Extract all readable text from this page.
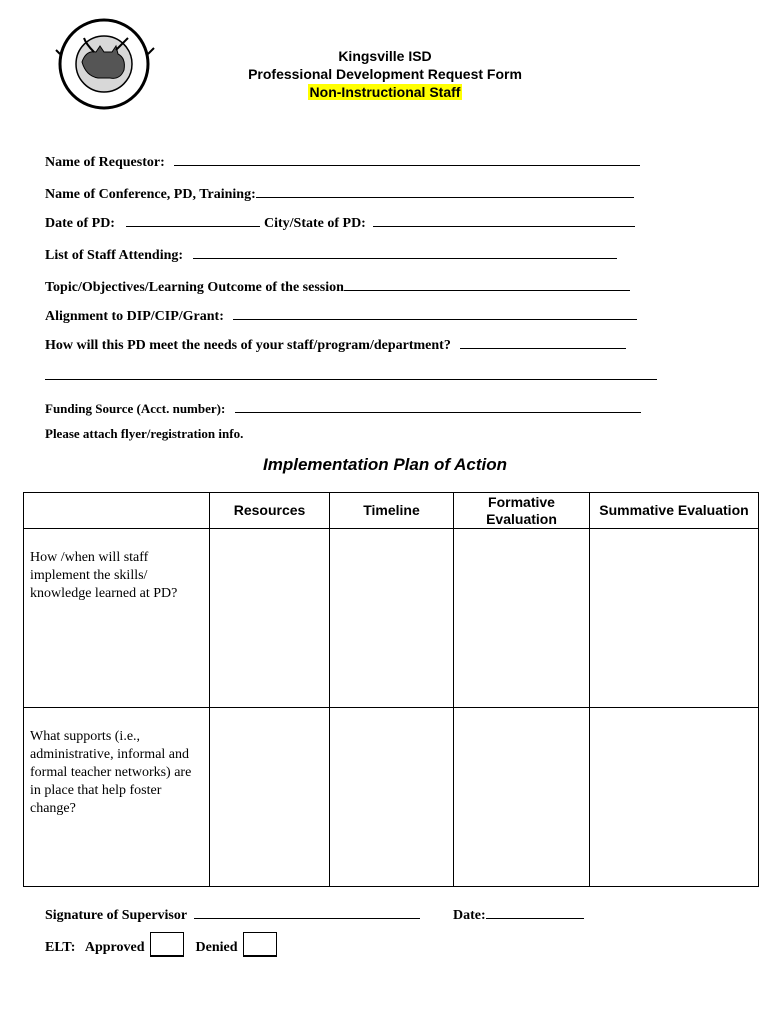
Kingsville ISD
Professional Development Request Form
Non-Instructional Staff
Name of Requestor:
Name of Conference, PD, Training:
Date of PD:	City/State of PD:
List of Staff Attending:
Topic/Objectives/Learning Outcome of the session
Alignment to DIP/CIP/Grant:
How will this PD meet the needs of your staff/program/department?
Funding Source (Acct. number):
Please attach flyer/registration info.
Implementation Plan of Action
	Resources	Timeline	Formative Evaluation	Summative Evaluation
How /when will staff implement the skills/ knowledge learned at PD?				
What supports (i.e., administrative, informal and formal teacher networks) are in place that help foster change?				
Signature of Supervisor	Date:
ELT: Approved	Denied
